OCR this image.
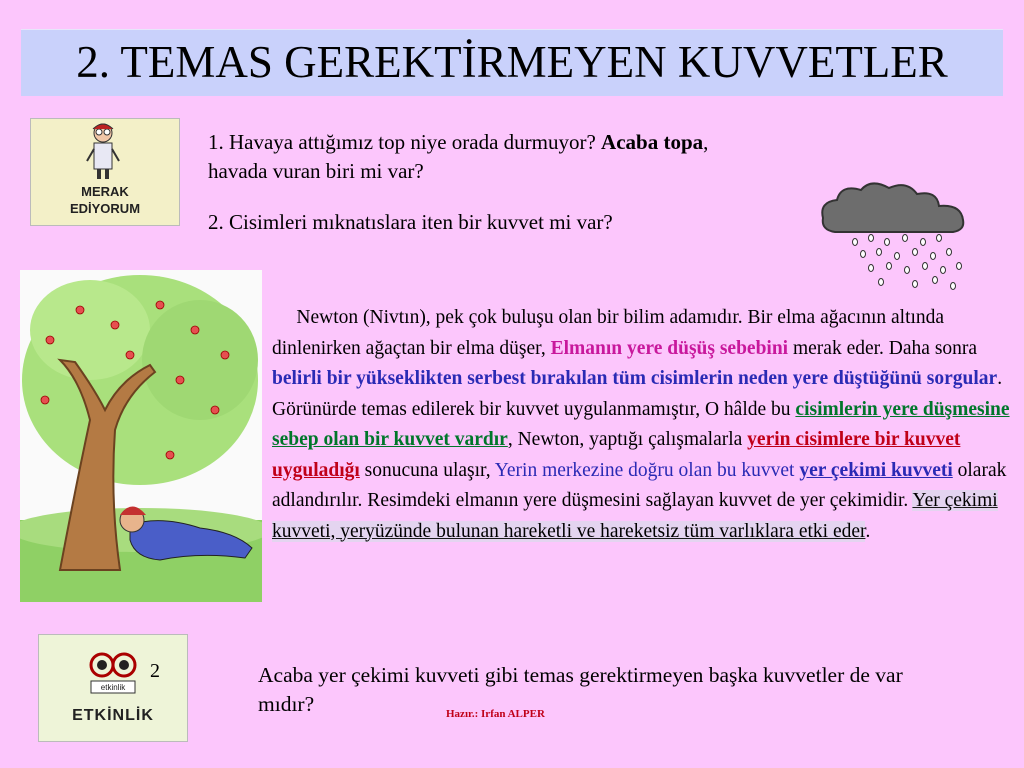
2. TEMAS GEREKTİRMEYEN KUVVETLER
MERAK
EDİYORUM
1. Havaya attığımız top niye orada durmuyor? Acaba topa,
havada vuran biri mi var?
2. Cisimleri mıknatıslara iten bir kuvvet mi var?

Newton (Nivtın), pek çok buluşu olan bir bilim adamıdır. Bir elma ağacının altında dinlenirken ağaçtan bir elma düşer, Elmanın yere düşüş sebebini merak eder. Daha sonra belirli bir yükseklikten serbest bırakılan tüm cisimlerin neden yere düştüğünü sorgular. Görünürde temas edilerek bir kuvvet uygulanmamıştır, O hâlde bu cisimlerin yere düşmesine sebep olan bir kuvvet vardır, Newton, yaptığı çalışmalarla yerin cisimlere bir kuvvet uyguladığı sonucuna ulaşır, Yerin merkezine doğru olan bu kuvvet yer çekimi kuvveti olarak adlandırılır. Resimdeki elmanın yere düşmesini sağlayan kuvvet de yer çekimidir. Yer çekimi kuvveti, yeryüzünde bulunan hareketli ve hareketsiz tüm varlıklara etki eder.

etkinlik
ETKİNLİK
2	Acaba yer çekimi kuvveti gibi temas gerektirmeyen başka kuvvetler de var mıdır?	Hazır.: Irfan ALPER
